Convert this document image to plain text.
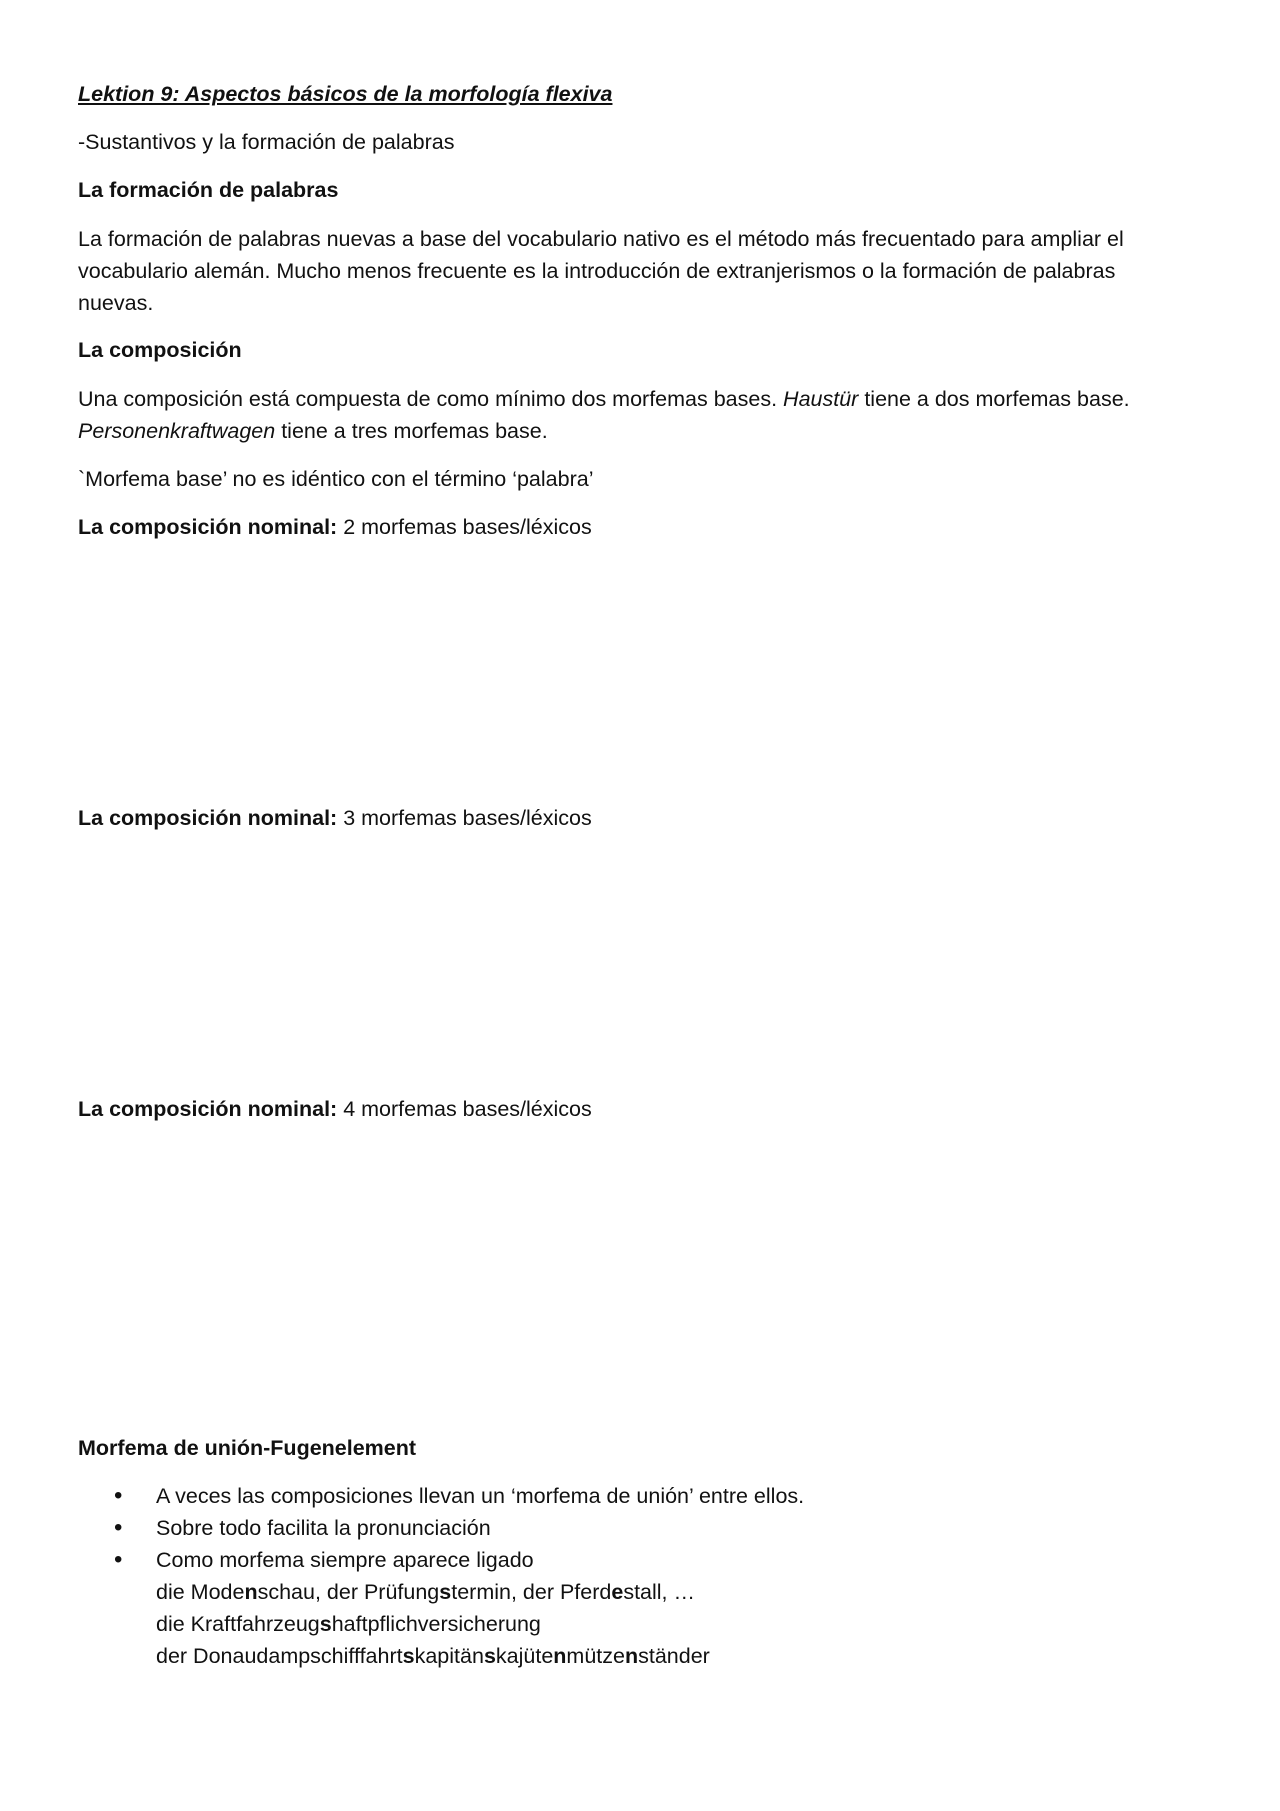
Lektion 9: Aspectos básicos de la morfología flexiva

-Sustantivos y la formación de palabras

La formación de palabras

La formación de palabras nuevas a base del vocabulario nativo es el método más frecuentado para ampliar el
vocabulario alemán. Mucho menos frecuente es la introducción de extranjerismos o la formación de palabras
nuevas.

La composición

Una composición está compuesta de como mínimo dos morfemas bases. Haustür tiene a dos morfemas base.
Personenkraftwagen tiene a tres morfemas base.

`Morfema base’ no es idéntico con el término ‘palabra’

La composición nominal: 2 morfemas bases/léxicos

La composición nominal: 3 morfemas bases/léxicos

La composición nominal: 4 morfemas bases/léxicos

Morfema de unión-Fugenelement

• A veces las composiciones llevan un ‘morfema de unión’ entre ellos.
• Sobre todo facilita la pronunciación
• Como morfema siempre aparece ligado
die Modenschau, der Prüfungstermin, der Pferdestall, …
die Kraftfahrzeugshaftpflichversicherung
der Donaudampschifffahrtskapitänskajütenmützenständer
